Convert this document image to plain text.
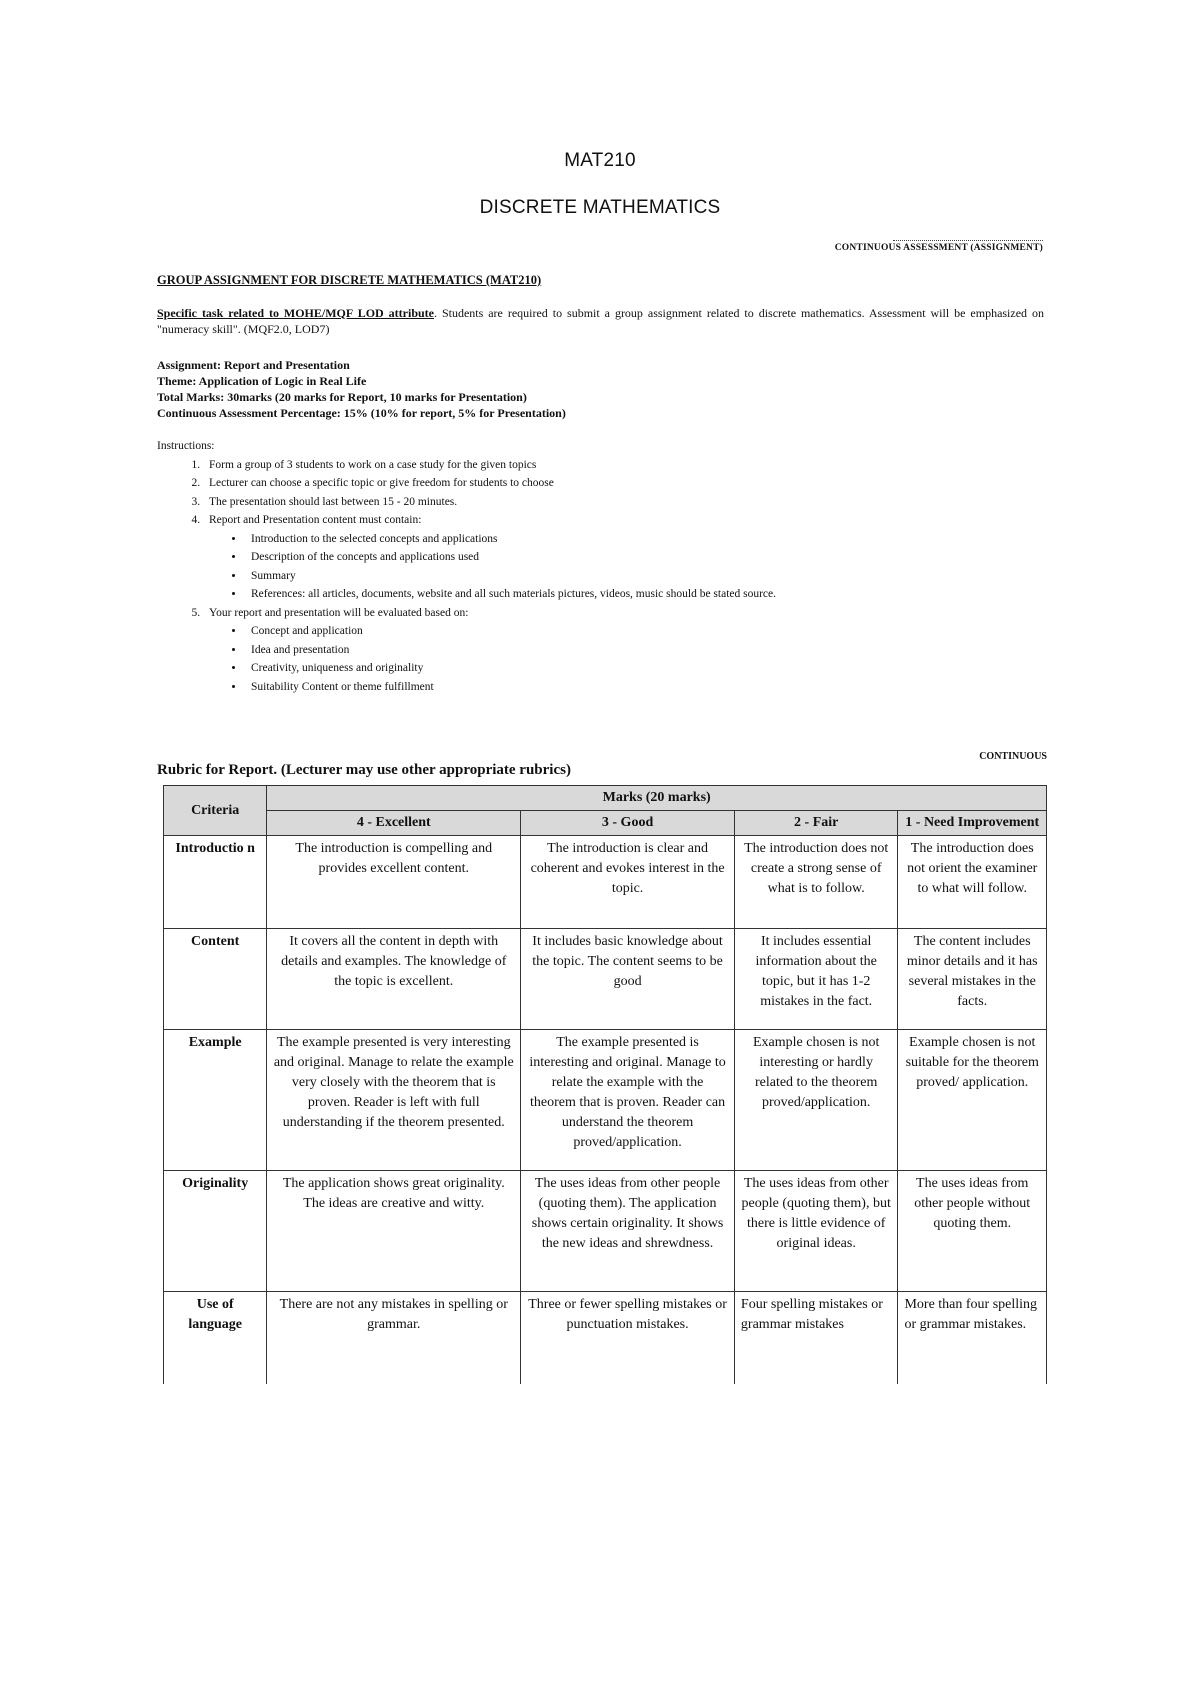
MAT210
DISCRETE MATHEMATICS
CONTINUOUS ASSESSMENT (ASSIGNMENT)
GROUP ASSIGNMENT FOR DISCRETE MATHEMATICS (MAT210)
Specific task related to MOHE/MQF LOD attribute. Students are required to submit a group assignment related to discrete mathematics. Assessment will be emphasized on "numeracy skill". (MQF2.0, LOD7)
Assignment: Report and Presentation
Theme: Application of Logic in Real Life
Total Marks: 30marks (20 marks for Report, 10 marks for Presentation)
Continuous Assessment Percentage: 15% (10% for report, 5% for Presentation)
Instructions:
1. Form a group of 3 students to work on a case study for the given topics
2. Lecturer can choose a specific topic or give freedom for students to choose
3. The presentation should last between 15 - 20 minutes.
4. Report and Presentation content must contain:
• Introduction to the selected concepts and applications
• Description of the concepts and applications used
• Summary
• References: all articles, documents, website and all such materials pictures, videos, music should be stated source.
5. Your report and presentation will be evaluated based on:
• Concept and application
• Idea and presentation
• Creativity, uniqueness and originality
• Suitability Content or theme fulfillment
CONTINUOUS
Rubric for Report. (Lecturer may use other appropriate rubrics)
Criteria	Marks (20 marks)			
	4 - Excellent	3 - Good	2 - Fair	1 - Need Improvement
Introductio n	The introduction is compelling and provides excellent content.	The introduction is clear and coherent and evokes interest in the topic.	The introduction does not create a strong sense of what is to follow.	The introduction does not orient the examiner to what will follow.
Content	It covers all the content in depth with details and examples. The knowledge of the topic is excellent.	It includes basic knowledge about the topic. The content seems to be good	It includes essential information about the topic, but it has 1-2 mistakes in the fact.	The content includes minor details and it has several mistakes in the facts.
Example	The example presented is very interesting and original. Manage to relate the example very closely with the theorem that is proven. Reader is left with full understanding if the theorem presented.	The example presented is interesting and original. Manage to relate the example with the theorem that is proven. Reader can understand the theorem proved/application.	Example chosen is not interesting or hardly related to the theorem proved/application.	Example chosen is not suitable for the theorem proved/ application.
Originality	The application shows great originality. The ideas are creative and witty.	The uses ideas from other people (quoting them). The application shows certain originality. It shows the new ideas and shrewdness.	The uses ideas from other people (quoting them), but there is little evidence of original ideas.	The uses ideas from other people without quoting them.
Use of language	There are not any mistakes in spelling or grammar.	Three or fewer spelling mistakes or punctuation mistakes.	Four spelling mistakes or grammar mistakes	More than four spelling or grammar mistakes.
